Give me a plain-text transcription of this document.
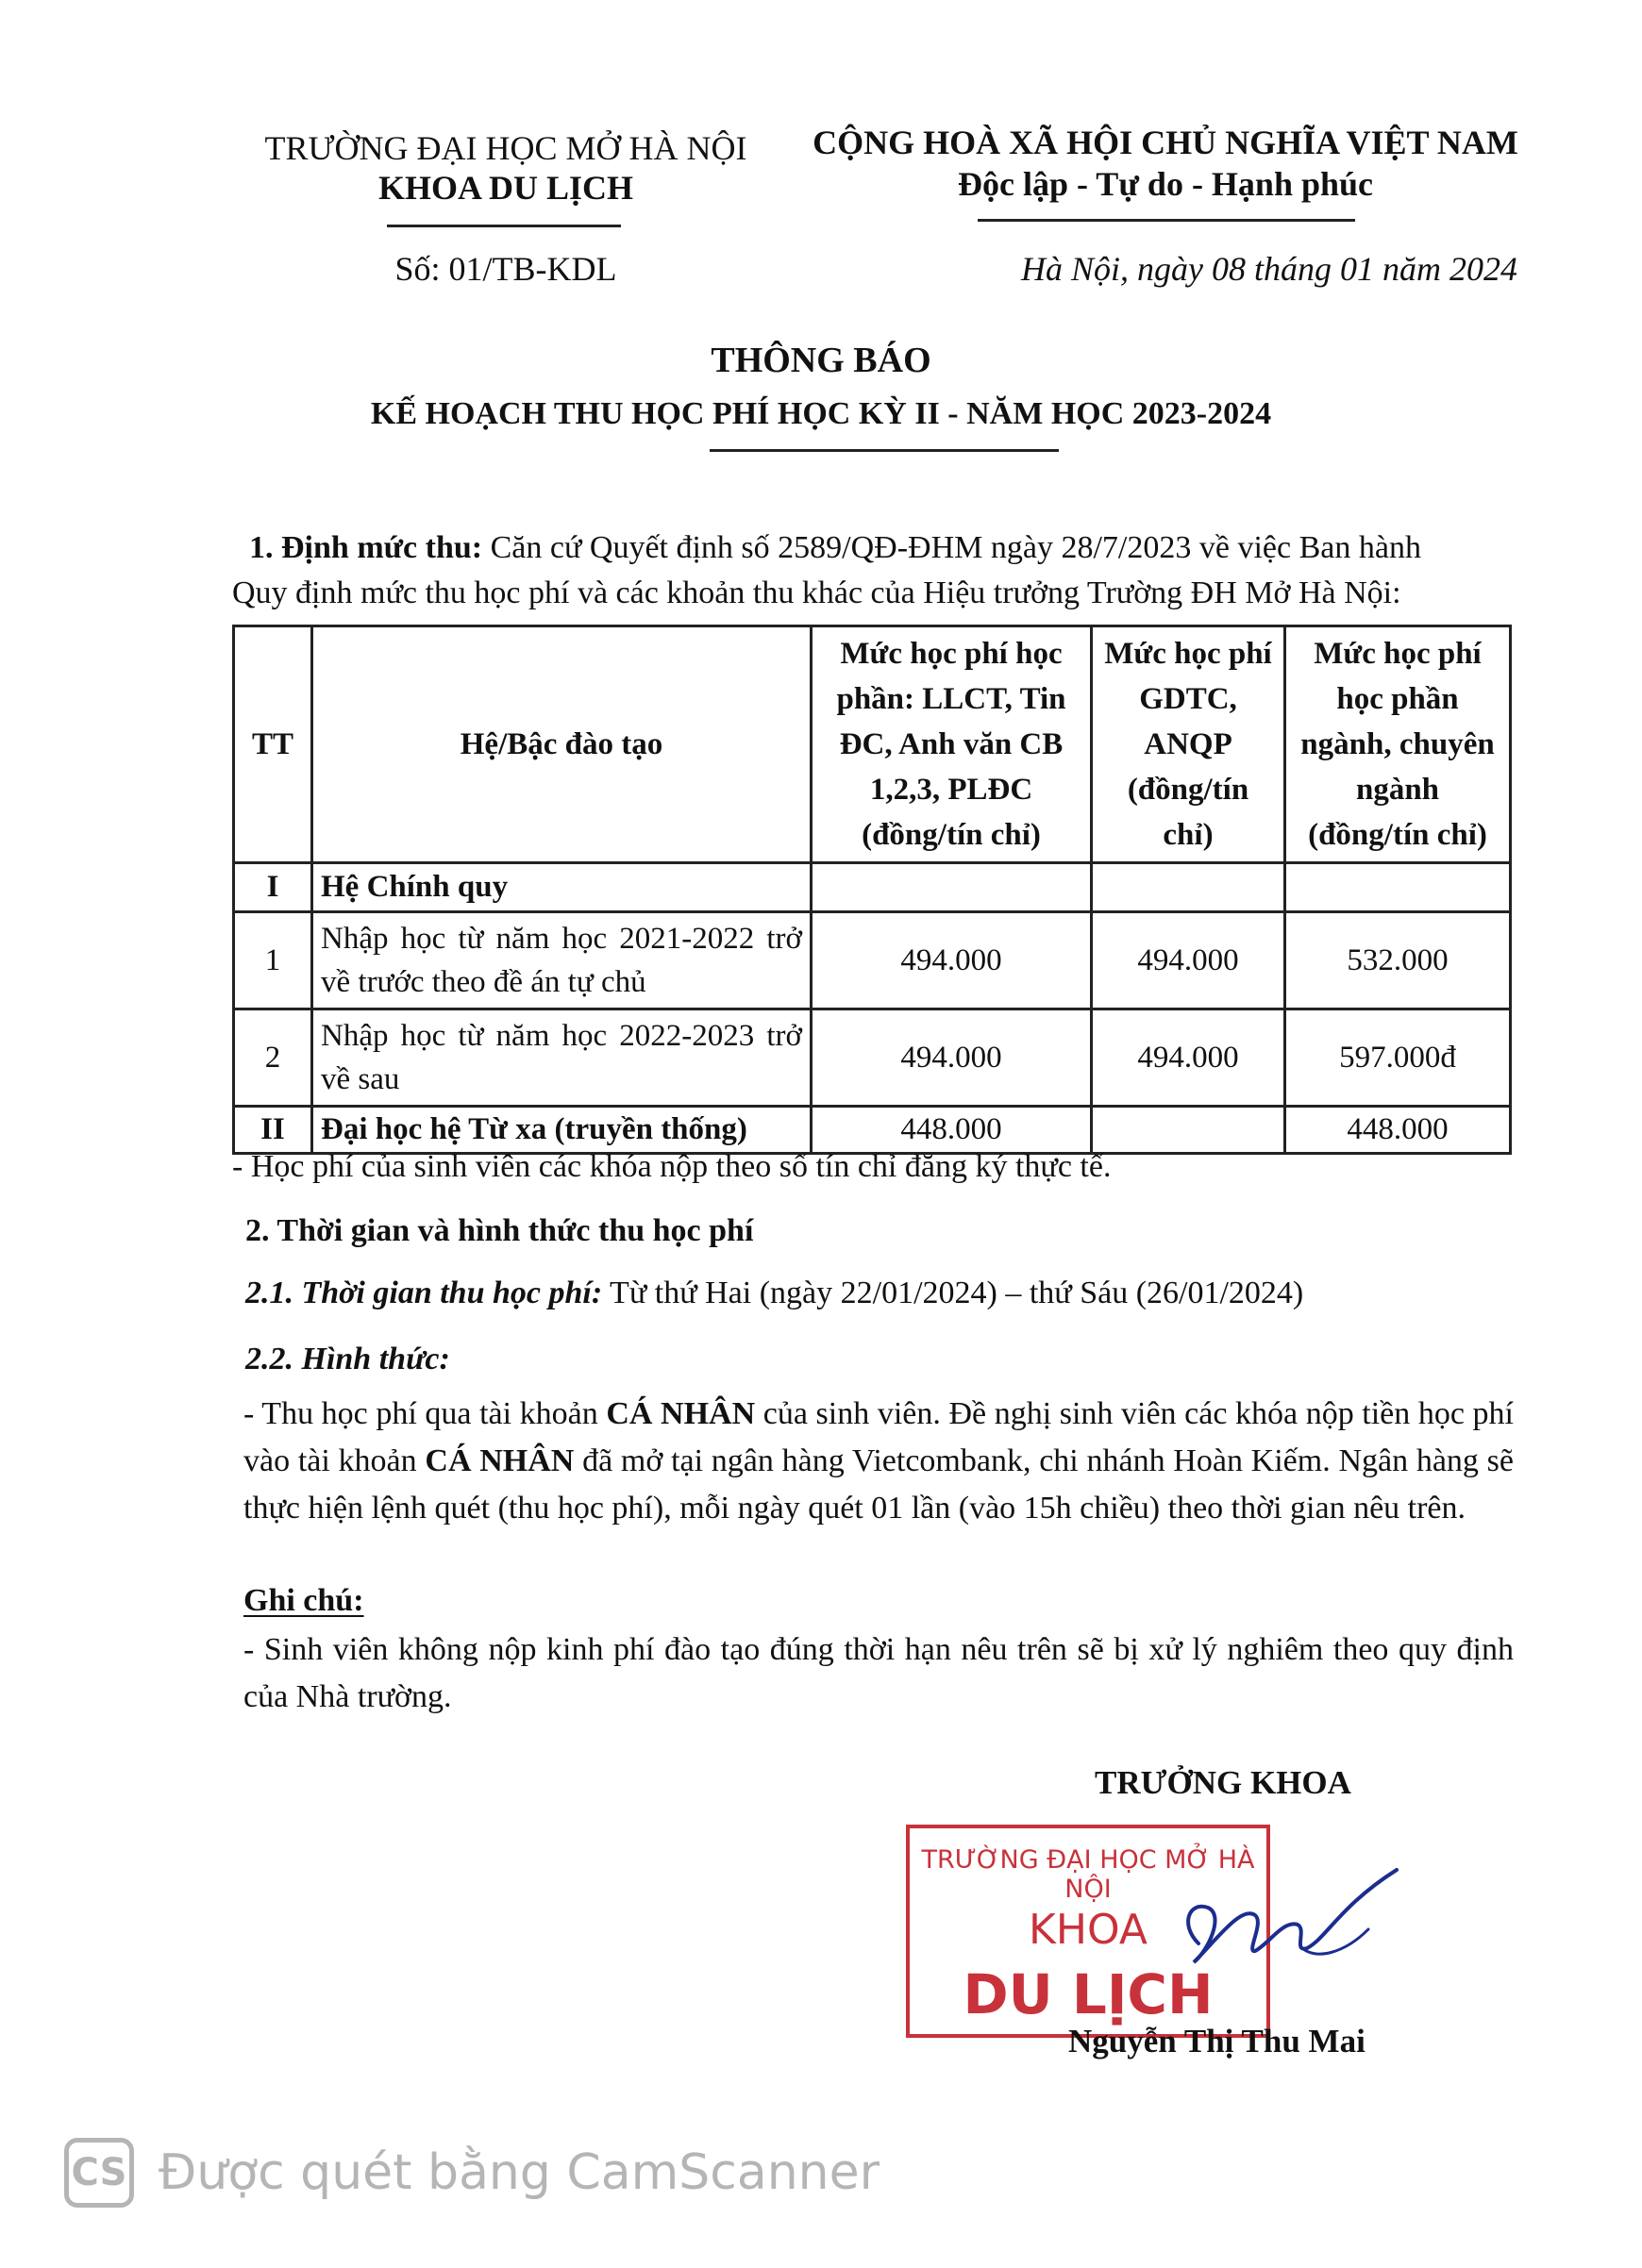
TRƯỜNG ĐẠI HỌC MỞ HÀ NỘI
KHOA DU LỊCH
Số: 01/TB-KDL
CỘNG HOÀ XÃ HỘI CHỦ NGHĨA VIỆT NAM
Độc lập - Tự do - Hạnh phúc
Hà Nội, ngày 08 tháng 01 năm 2024
THÔNG BÁO
KẾ HOẠCH THU HỌC PHÍ HỌC KỲ II - NĂM HỌC 2023-2024
1. Định mức thu: Căn cứ Quyết định số 2589/QĐ-ĐHM ngày 28/7/2023 về việc Ban hành
Quy định mức thu học phí và các khoản thu khác của Hiệu trưởng Trường ĐH Mở Hà Nội:
TT	Hệ/Bậc đào tạo	Mức học phí học phần: LLCT, Tin ĐC, Anh văn CB 1,2,3, PLĐC (đồng/tín chỉ)	Mức học phí GDTC, ANQP (đồng/tín chỉ)	Mức học phí học phần ngành, chuyên ngành (đồng/tín chỉ)
I	Hệ Chính quy			
1	Nhập học từ năm học 2021-2022 trở về trước theo đề án tự chủ	494.000	494.000	532.000
2	Nhập học từ năm học 2022-2023 trở về sau	494.000	494.000	597.000đ
II	Đại học hệ Từ xa (truyền thống)	448.000		448.000
- Học phí của sinh viên các khóa nộp theo số tín chỉ đăng ký thực tế.
2. Thời gian và hình thức thu học phí
2.1. Thời gian thu học phí: Từ thứ Hai (ngày 22/01/2024) – thứ Sáu (26/01/2024)
2.2. Hình thức:
- Thu học phí qua tài khoản CÁ NHÂN của sinh viên. Đề nghị sinh viên các khóa nộp tiền học phí vào tài khoản CÁ NHÂN đã mở tại ngân hàng Vietcombank, chi nhánh Hoàn Kiếm. Ngân hàng sẽ thực hiện lệnh quét (thu học phí), mỗi ngày quét 01 lần (vào 15h chiều) theo thời gian nêu trên.
Ghi chú:
- Sinh viên không nộp kinh phí đào tạo đúng thời hạn nêu trên sẽ bị xử lý nghiêm theo quy định của Nhà trường.
TRƯỞNG KHOA
TRƯỜNG ĐẠI HỌC MỞ HÀ NỘI
KHOA
DU LỊCH
Nguyễn Thị Thu Mai
CS Được quét bằng CamScanner
